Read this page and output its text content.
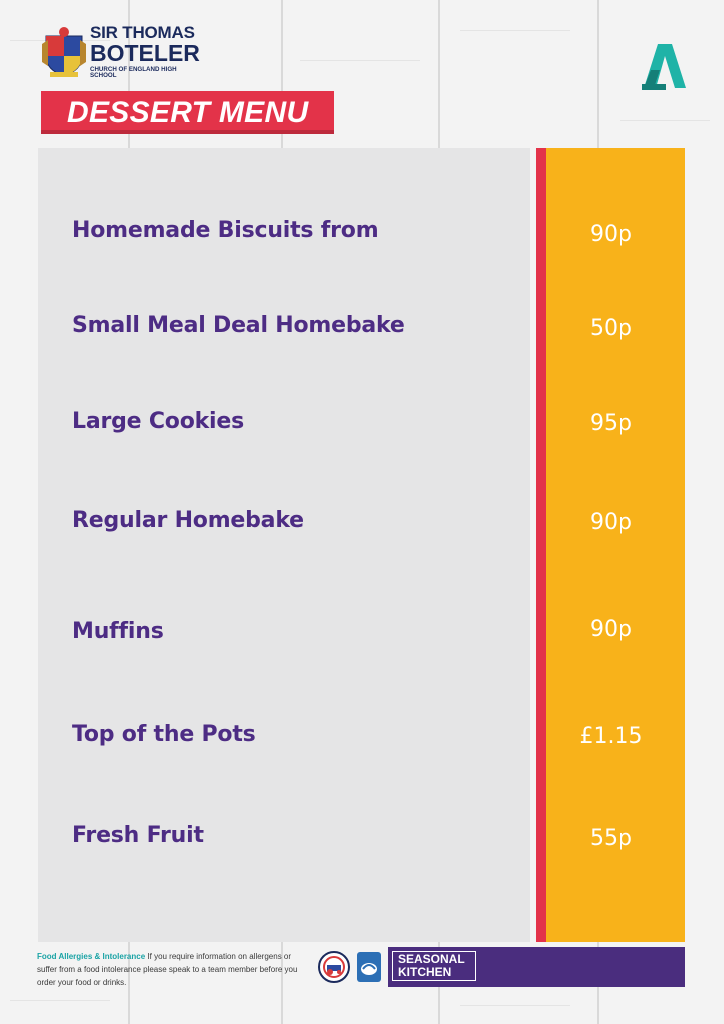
SIR THOMAS
BOTELER
CHURCH OF ENGLAND HIGH SCHOOL
DESSERT MENU
Homemade Biscuits from	90p
Small Meal Deal Homebake	50p
Large Cookies	95p
Regular Homebake	90p
Muffins	90p
Top of the Pots	£1.15
Fresh Fruit	55p
Food Allergies & Intolerance If you require information on allergens or suffer from a food intolerance please speak to a team member before you order your food or drinks.
SEASONAL
KITCHEN
